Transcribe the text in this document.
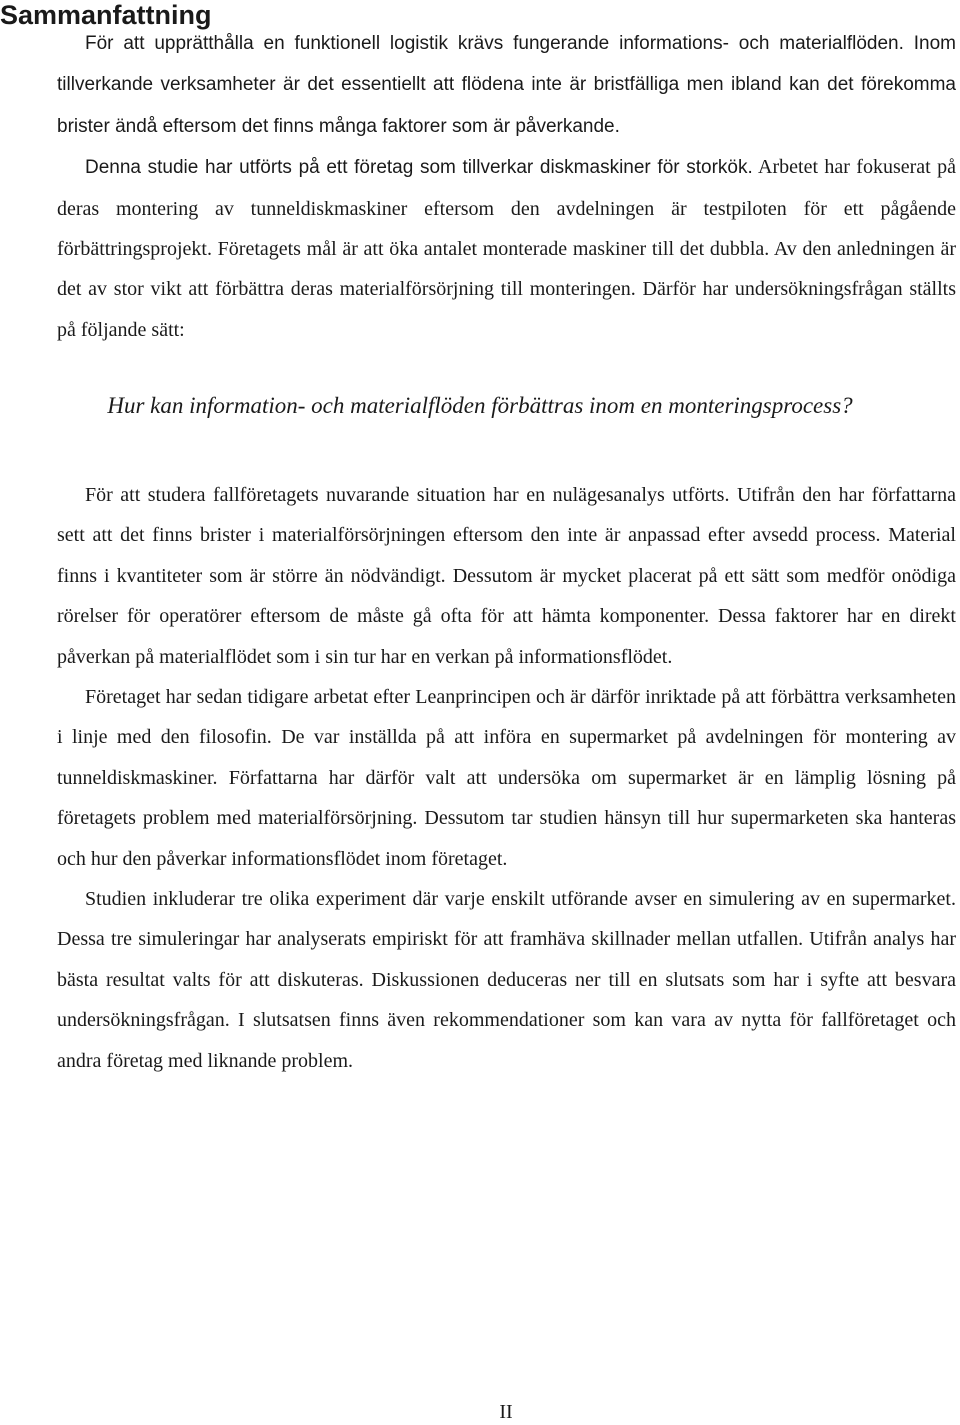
Sammanfattning

För att upprätthålla en funktionell logistik krävs fungerande informations- och materialflöden. Inom tillverkande verksamheter är det essentiellt att flödena inte är bristfälliga men ibland kan det förekomma brister ändå eftersom det finns många faktorer som är påverkande.

Denna studie har utförts på ett företag som tillverkar diskmaskiner för storkök. Arbetet har fokuserat på deras montering av tunneldiskmaskiner eftersom den avdelningen är testpiloten för ett pågående förbättringsprojekt. Företagets mål är att öka antalet monterade maskiner till det dubbla. Av den anledningen är det av stor vikt att förbättra deras materialförsörjning till monteringen. Därför har undersökningsfrågan ställts på följande sätt:

Hur kan information- och materialflöden förbättras inom en monteringsprocess?

För att studera fallföretagets nuvarande situation har en nulägesanalys utförts. Utifrån den har författarna sett att det finns brister i materialförsörjningen eftersom den inte är anpassad efter avsedd process. Material finns i kvantiteter som är större än nödvändigt. Dessutom är mycket placerat på ett sätt som medför onödiga rörelser för operatörer eftersom de måste gå ofta för att hämta komponenter. Dessa faktorer har en direkt påverkan på materialflödet som i sin tur har en verkan på informationsflödet.

Företaget har sedan tidigare arbetat efter Leanprincipen och är därför inriktade på att förbättra verksamheten i linje med den filosofin. De var inställda på att införa en supermarket på avdelningen för montering av tunneldiskmaskiner. Författarna har därför valt att undersöka om supermarket är en lämplig lösning på företagets problem med materialförsörjning. Dessutom tar studien hänsyn till hur supermarketen ska hanteras och hur den påverkar informationsflödet inom företaget.

Studien inkluderar tre olika experiment där varje enskilt utförande avser en simulering av en supermarket. Dessa tre simuleringar har analyserats empiriskt för att framhäva skillnader mellan utfallen. Utifrån analys har bästa resultat valts för att diskuteras. Diskussionen deduceras ner till en slutsats som har i syfte att besvara undersökningsfrågan. I slutsatsen finns även rekommendationer som kan vara av nytta för fallföretaget och andra företag med liknande problem.

II
